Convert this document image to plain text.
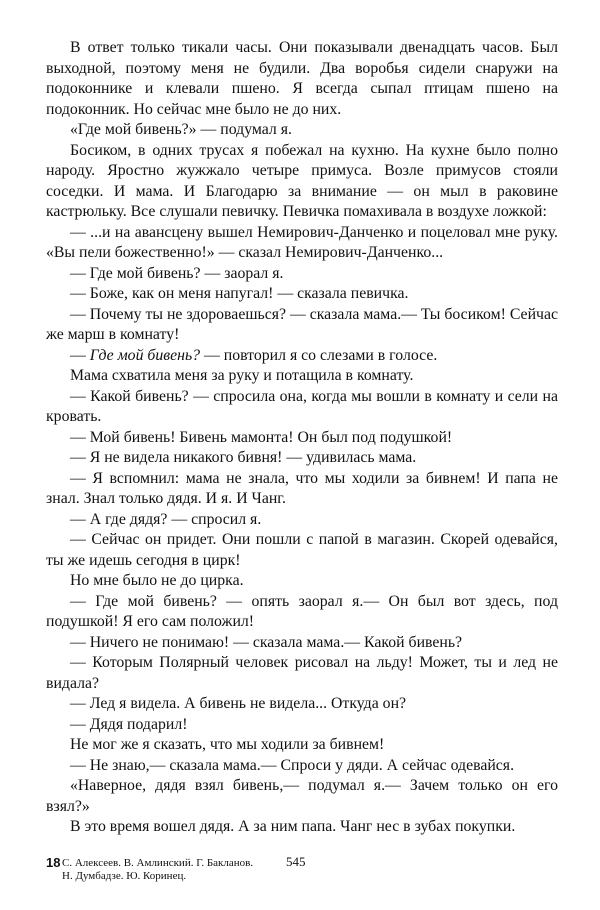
В ответ только тикали часы. Они показывали двенадцать часов. Был выходной, поэтому меня не будили. Два воробья сидели снаружи на подоконнике и клевали пшено. Я всегда сыпал птицам пшено на подоконник. Но сейчас мне было не до них.

«Где мой бивень?» — подумал я.

Босиком, в одних трусах я побежал на кухню. На кухне было полно народу. Яростно жужжало четыре примуса. Возле примусов стояли соседки. И мама. И Благодарю за внимание — он мыл в раковине кастрюльку. Все слушали певичку. Певичка помахивала в воздухе ложкой:

— ...и на авансцену вышел Немирович-Данченко и поцеловал мне руку. «Вы пели божественно!» — сказал Немирович-Данченко...

— Где мой бивень? — заорал я.

— Боже, как он меня напугал! — сказала певичка.

— Почему ты не здороваешься? — сказала мама.— Ты босиком! Сейчас же марш в комнату!

— Где мой бивень? — повторил я со слезами в голосе.

Мама схватила меня за руку и потащила в комнату.

— Какой бивень? — спросила она, когда мы вошли в комнату и сели на кровать.

— Мой бивень! Бивень мамонта! Он был под подушкой!

— Я не видела никакого бивня! — удивилась мама.

— Я вспомнил: мама не знала, что мы ходили за бивнем! И папа не знал. Знал только дядя. И я. И Чанг.

— А где дядя? — спросил я.

— Сейчас он придет. Они пошли с папой в магазин. Скорей одевайся, ты же идешь сегодня в цирк!

Но мне было не до цирка.

— Где мой бивень? — опять заорал я.— Он был вот здесь, под подушкой! Я его сам положил!

— Ничего не понимаю! — сказала мама.— Какой бивень?

— Которым Полярный человек рисовал на льду! Может, ты и лед не видала?

— Лед я видела. А бивень не видела... Откуда он?

— Дядя подарил!

Не мог же я сказать, что мы ходили за бивнем!

— Не знаю,— сказала мама.— Спроси у дяди. А сейчас одевайся.

«Наверное, дядя взял бивень,— подумал я.— Зачем только он его взял?»

В это время вошел дядя. А за ним папа. Чанг нес в зубах покупки.

18 С. Алексеев. В. Амлинский. Г. Бакланов.
Н. Думбадзе. Ю. Коринец.
545
